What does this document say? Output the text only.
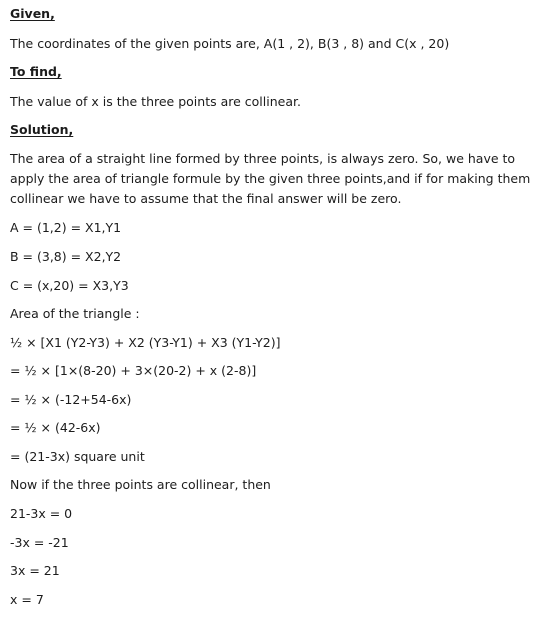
Given,
The coordinates of the given points are, A(1 , 2), B(3 , 8) and C(x , 20)
To find,
The value of x is the three points are collinear.
Solution,
The area of a straight line formed by three points, is always zero. So, we have to apply the area of triangle formule by the given three points,and if for making them collinear we have to assume that the final answer will be zero.
A = (1,2) = X1,Y1
B = (3,8) = X2,Y2
C = (x,20) = X3,Y3
Area of the triangle :
½ × [X1 (Y2-Y3) + X2 (Y3-Y1) + X3 (Y1-Y2)]
= ½ × [1×(8-20) + 3×(20-2) + x (2-8)]
= ½ × (-12+54-6x)
= ½ × (42-6x)
= (21-3x) square unit
Now if the three points are collinear, then
21-3x = 0
-3x = -21
3x = 21
x = 7
